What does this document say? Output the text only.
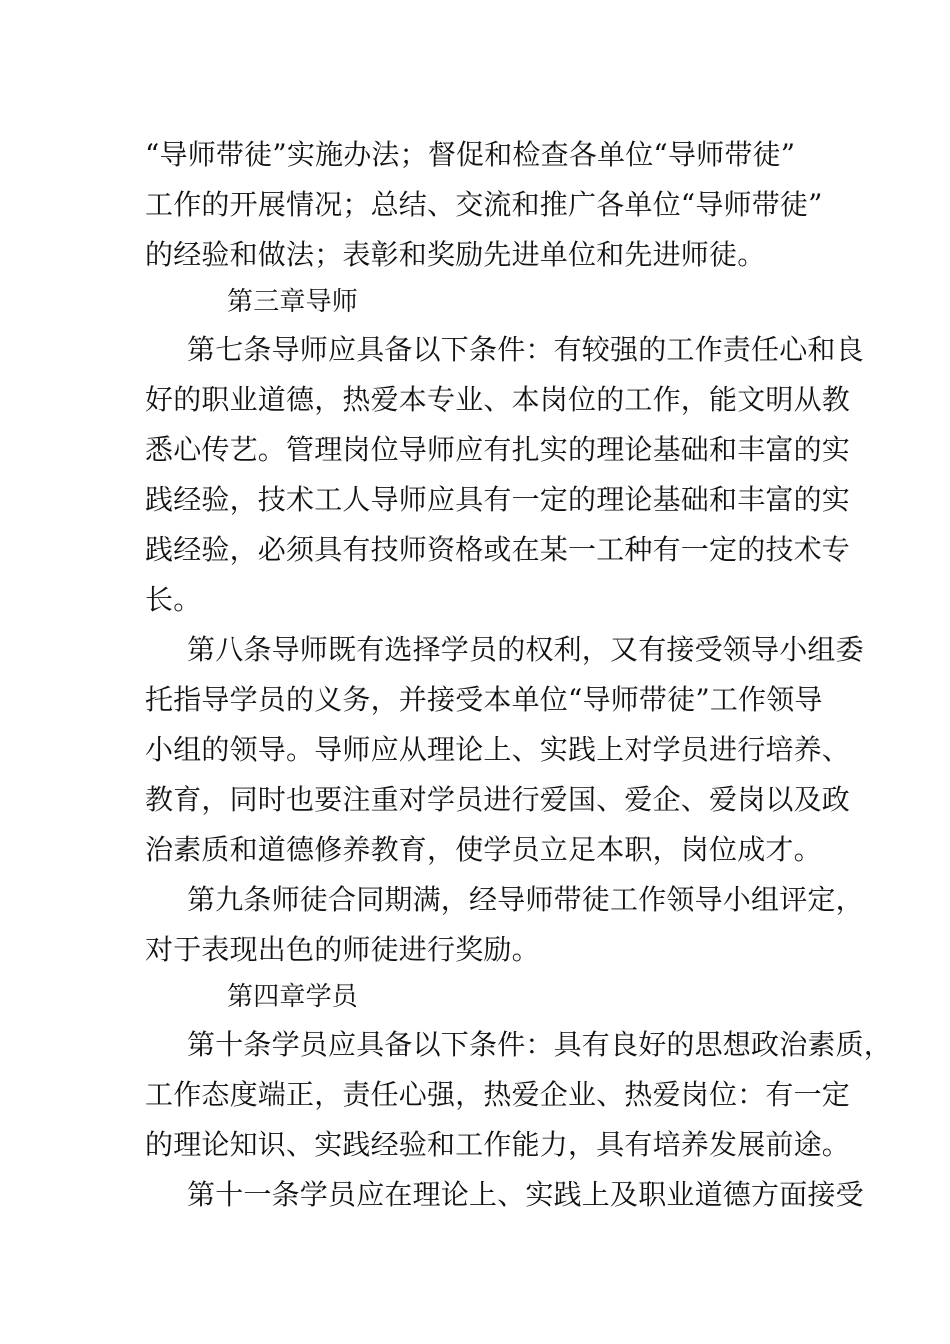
“导师带徒”实施办法；督促和检查各单位“导师带徒”
工作的开展情况；总结、交流和推广各单位“导师带徒”
的经验和做法；表彰和奖励先进单位和先进师徒。
第三章导师
第七条导师应具备以下条件：有较强的工作责任心和良
好的职业道德，热爱本专业、本岗位的工作，能文明从教
悉心传艺。管理岗位导师应有扎实的理论基础和丰富的实
践经验，技术工人导师应具有一定的理论基础和丰富的实
践经验，必须具有技师资格或在某一工种有一定的技术专
长。
第八条导师既有选择学员的权利，又有接受领导小组委
托指导学员的义务，并接受本单位“导师带徒”工作领导
小组的领导。导师应从理论上、实践上对学员进行培养、
教育，同时也要注重对学员进行爱国、爱企、爱岗以及政
治素质和道德修养教育，使学员立足本职，岗位成才。
第九条师徒合同期满，经导师带徒工作领导小组评定，
对于表现出色的师徒进行奖励。
第四章学员
第十条学员应具备以下条件：具有良好的思想政治素质，
工作态度端正，责任心强，热爱企业、热爱岗位：有一定
的理论知识、实践经验和工作能力，具有培养发展前途。
第十一条学员应在理论上、实践上及职业道德方面接受
